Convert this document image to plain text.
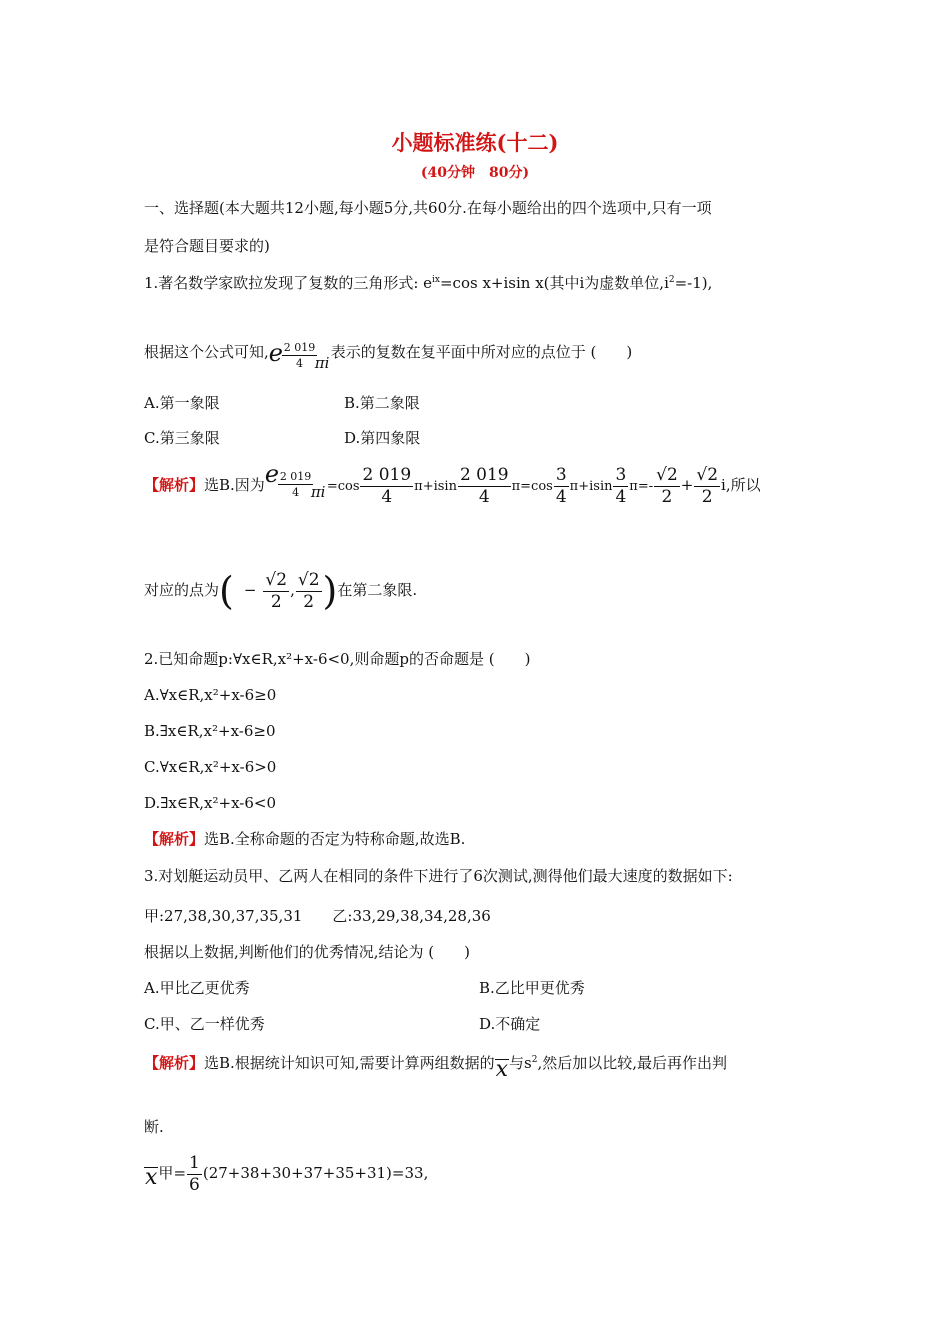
小题标准练(十二)
(40分钟　80分)
一、选择题(本大题共12小题,每小题5分,共60分.在每小题给出的四个选项中,只有一项
是符合题目要求的)
1.著名数学家欧拉发现了复数的三角形式: $e^{ix}=\cos$ x+isin x(其中i为虚数单位$,i^2=-1$),
根据这个公式可知, e
$\frac{2 019}{4}$
πi
表示的复数在复平面中所对应的点位于 (　　)
A.第一象限	B.第二象限
C.第三象限	D.第四象限
【解析】选B.因为 e
$\frac{2 019}{4}$
$\pi i =\cos \frac{2 019}{4} \pi+isin \frac{2 019}{4} \pi=\cos \frac{3}{4} \pi+isin \frac{3}{4} \pi=- \frac{√2}{2} + \frac{√2}{2} i$,所以
对应的点为( − $\frac{√2}{2}$ , $\frac{√2}{2}$ )在第二象限.
2.已知命题p:∀x∈R,x²+x-6<0,则命题p的否命题是 (　　)
A.∀x∈R,x²+x-6≥0
B.∃x∈R,x²+x-6≥0
C.∀x∈R,x²+x-6>0
D.∃x∈R,x²+x-6<0
【解析】选B.全称命题的否定为特称命题,故选B.
3.对划艇运动员甲、乙两人在相同的条件下进行了6次测试,测得他们最大速度的数据如下:
甲:27,38,30,37,35,31　　乙:33,29,38,34,28,36
根据以上数据,判断他们的优秀情况,结论为 (　　)
A.甲比乙更优秀	B.乙比甲更优秀
C.甲、乙一样优秀	D.不确定
【解析】选B.根据统计知识可知,需要计算两组数据的x与$s^2$,然后加以比较,最后再作出判
断.
x甲= $\frac{1}{6} (27+38+30+37+35+31)=33$,
